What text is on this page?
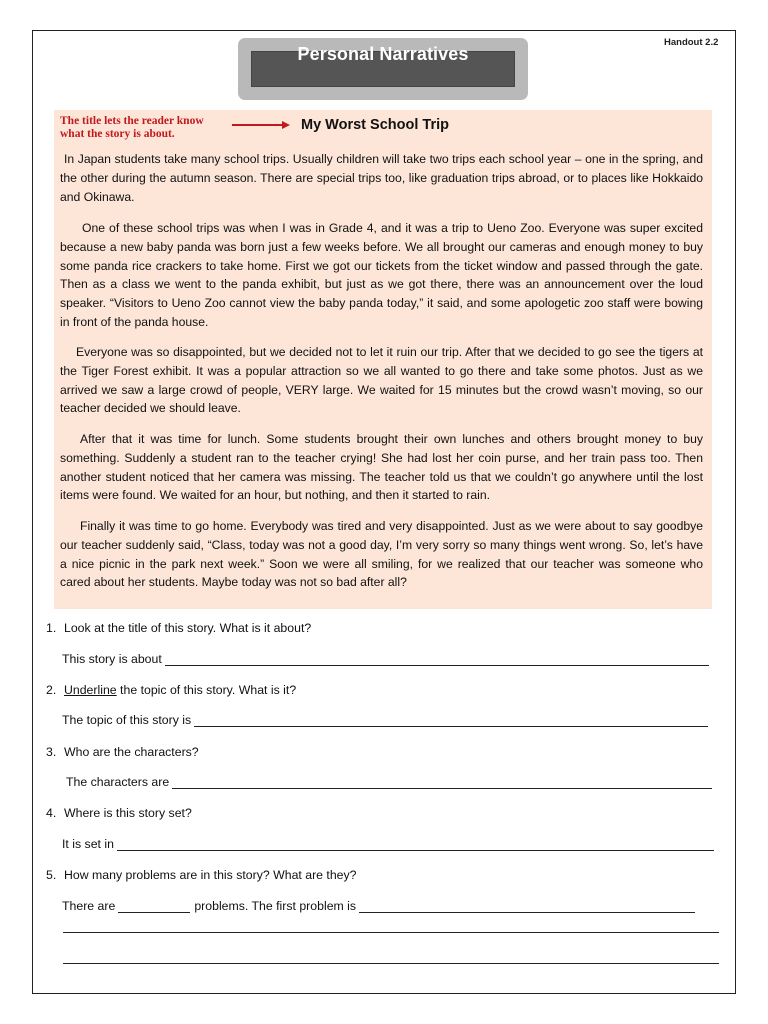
Handout 2.2
Personal Narratives
The title lets the reader know what the story is about.
My Worst School Trip

In Japan students take many school trips. Usually children will take two trips each school year – one in the spring, and the other during the autumn season. There are special trips too, like graduation trips abroad, or to places like Hokkaido and Okinawa.

One of these school trips was when I was in Grade 4, and it was a trip to Ueno Zoo. Everyone was super excited because a new baby panda was born just a few weeks before. We all brought our cameras and enough money to buy some panda rice crackers to take home. First we got our tickets from the ticket window and passed through the gate. Then as a class we went to the panda exhibit, but just as we got there, there was an announcement over the loud speaker. “Visitors to Ueno Zoo cannot view the baby panda today,” it said, and some apologetic zoo staff were bowing in front of the panda house.

Everyone was so disappointed, but we decided not to let it ruin our trip. After that we decided to go see the tigers at the Tiger Forest exhibit. It was a popular attraction so we all wanted to go there and take some photos. Just as we arrived we saw a large crowd of people, VERY large. We waited for 15 minutes but the crowd wasn’t moving, so our teacher decided we should leave.

After that it was time for lunch. Some students brought their own lunches and others brought money to buy something. Suddenly a student ran to the teacher crying! She had lost her coin purse, and her train pass too. Then another student noticed that her camera was missing. The teacher told us that we couldn’t go anywhere until the lost items were found. We waited for an hour, but nothing, and then it started to rain.

Finally it was time to go home. Everybody was tired and very disappointed. Just as we were about to say goodbye our teacher suddenly said, “Class, today was not a good day, I’m very sorry so many things went wrong. So, let’s have a nice picnic in the park next week.” Soon we were all smiling, for we realized that our teacher was someone who cared about her students. Maybe today was not so bad after all?

1. Look at the title of this story. What is it about?
This story is about
2. Underline the topic of this story. What is it?
The topic of this story is
3. Who are the characters?
The characters are
4. Where is this story set?
It is set in
5. How many problems are in this story? What are they?
There are	problems. The first problem is
